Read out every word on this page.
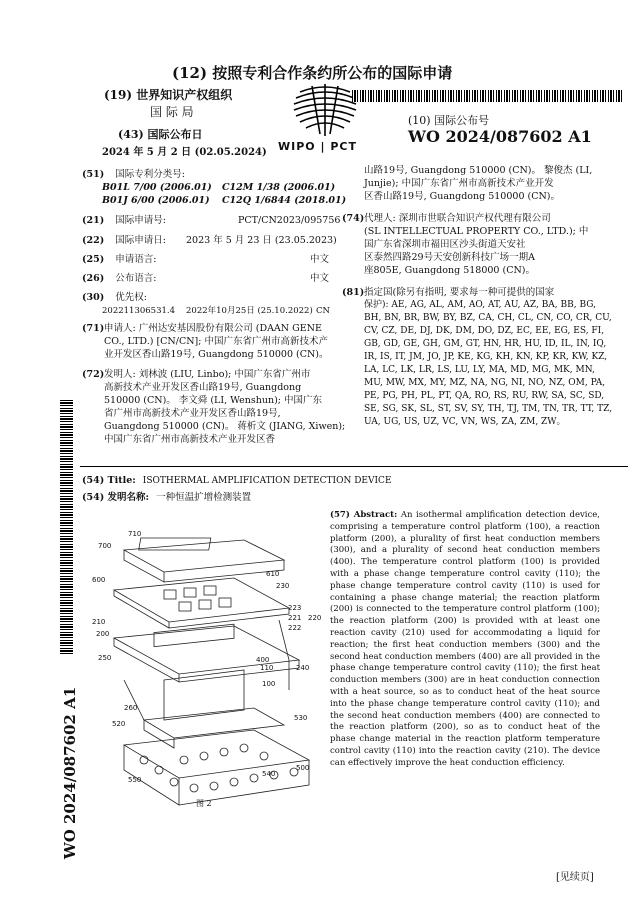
(12) 按照专利合作条约所公布的国际申请
(19) 世界知识产权组织
国 际 局
(43) 国际公布日
2024 年 5 月 2 日 (02.05.2024) WIPO | PCT
(10) 国际公布号
WO 2024/087602 A1
WO 2024/087602 A1
(51) 国际专利分类号:
B01L 7/00 (2006.01) C12M 1/38 (2006.01)
B01J 6/00 (2006.01) C12Q 1/6844 (2018.01)
(21) 国际申请号:	PCT/CN2023/095756
(22) 国际申请日: 2023 年 5 月 23 日 (23.05.2023)
(25) 申请语言:	中文
(26) 公布语言:	中文
(30) 优先权:
202211306531.4 2022年10月25日 (25.10.2022) CN
(71) 申请人: 广州达安基因股份有限公司 (DAAN GENE
CO., LTD.) [CN/CN]; 中国广东省广州市高新技术产
业开发区香山路19号, Guangdong 510000 (CN)。
(72) 发明人: 刘林波 (LIU, Linbo); 中国广东省广州市
高新技术产业开发区香山路19号, Guangdong
510000 (CN)。 李文舜 (LI, Wenshun); 中国广东
省广州市高新技术产业开发区香山路19号,
Guangdong 510000 (CN)。 蒋析文 (JIANG, Xiwen);
中国广东省广州市高新技术产业开发区香
山路19号, Guangdong 510000 (CN)。 黎俊杰 (LI,
Junjie); 中国广东省广州市高新技术产业开发
区香山路19号, Guangdong 510000 (CN)。
(74) 代理人: 深圳市世联合知识产权代理有限公司
(SL INTELLECTUAL PROPERTY CO., LTD.); 中
国广东省深圳市福田区沙头街道天安社
区泰然四路29号天安创新科技广场一期A
座805E, Guangdong 518000 (CN)。
(81) 指定国(除另有指明, 要求每一种可提供的国家
保护): AE, AG, AL, AM, AO, AT, AU, AZ, BA, BB, BG,
BH, BN, BR, BW, BY, BZ, CA, CH, CL, CN, CO, CR, CU,
CV, CZ, DE, DJ, DK, DM, DO, DZ, EC, EE, EG, ES, FI,
GB, GD, GE, GH, GM, GT, HN, HR, HU, ID, IL, IN, IQ,
IR, IS, IT, JM, JO, JP, KE, KG, KH, KN, KP, KR, KW, KZ,
LA, LC, LK, LR, LS, LU, LY, MA, MD, MG, MK, MN,
MU, MW, MX, MY, MZ, NA, NG, NI, NO, NZ, OM, PA,
PE, PG, PH, PL, PT, QA, RO, RS, RU, RW, SA, SC, SD,
SE, SG, SK, SL, ST, SV, SY, TH, TJ, TM, TN, TR, TT, TZ,
UA, UG, US, UZ, VC, VN, WS, ZA, ZM, ZW。
(54) Title: ISOTHERMAL AMPLIFICATION DETECTION DEVICE
(54) 发明名称: 一种恒温扩增检测装置
(57) Abstract: An isothermal amplification detection device, comprising a temperature control platform (100), a reaction platform (200), a plurality of first heat conduction members (300), and a plurality of second heat conduction members (400). The temperature control platform (100) is provided with a phase change temperature control cavity (110); the phase change temperature control cavity (110) is used for containing a phase change material; the reaction platform (200) is connected to the temperature control platform (100); the reaction platform (200) is provided with at least one reaction cavity (210) used for accommodating a liquid for reaction; the first heat conduction members (300) and the second heat conduction members (400) are all provided in the phase change temperature control cavity (110); the first heat conduction members (300) are in heat conduction connection with a heat source, so as to conduct heat of the heat source into the phase change temperature control cavity (110); and the second heat conduction members (400) are connected to the reaction platform (200), so as to conduct heat of the phase change material in the reaction platform temperature control cavity (110) into the reaction cavity (210). The device can effectively improve the heat conduction efficiency.
710
700
610
600
230
223
221 220
210
200
222
250	400
110	240
100
260
530
520
500
550
540
图 2
[见续页]
